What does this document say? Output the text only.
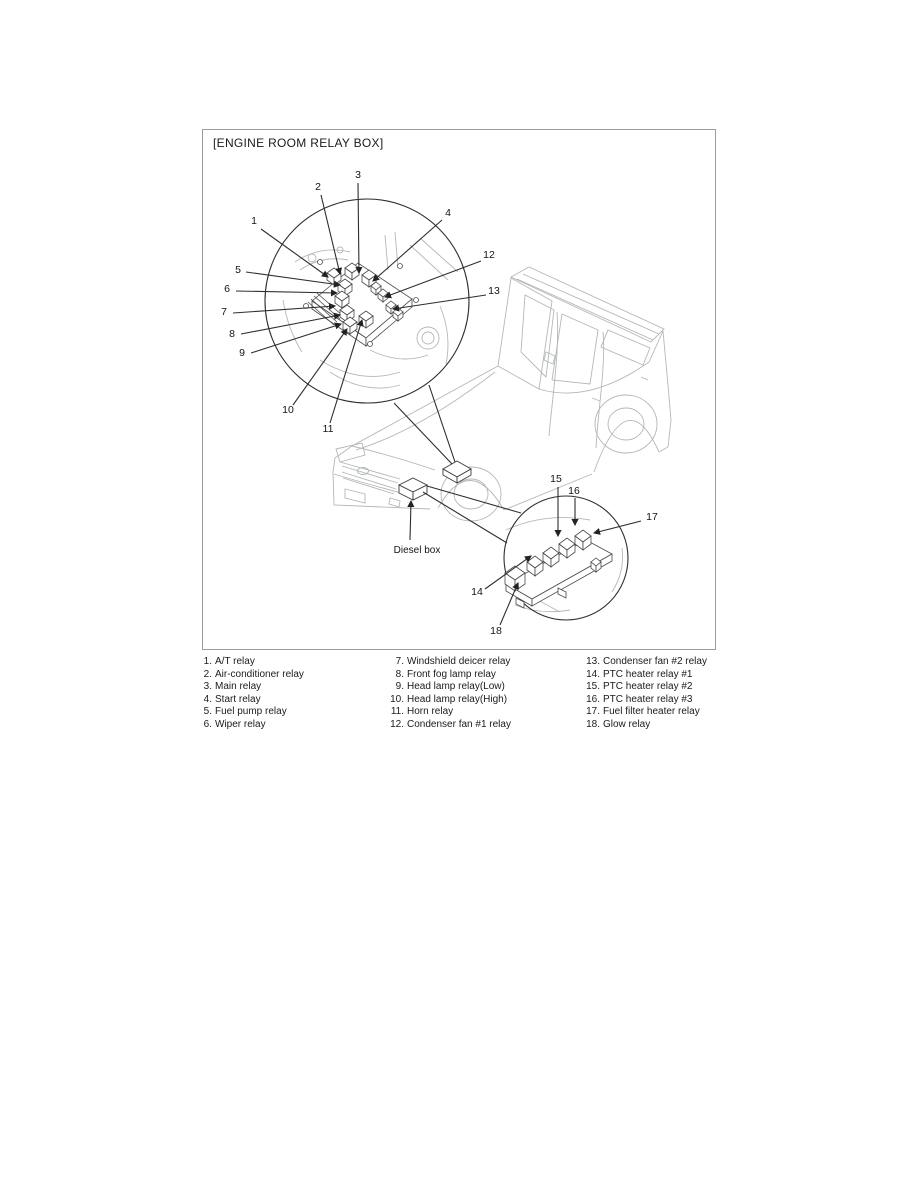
[ENGINE ROOM RELAY BOX]
1
2
3
4
5
6
7
8
9
10
11
12
13
14
15
16
17
18
Diesel box
1. A/T relay
2. Air-conditioner relay
3. Main relay
4. Start relay
5. Fuel pump relay
6. Wiper relay
7. Windshield deicer relay
8. Front fog lamp relay
9. Head lamp relay(Low)
10. Head lamp relay(High)
11. Horn relay
12. Condenser fan #1 relay
13. Condenser fan #2 relay
14. PTC heater relay #1
15. PTC heater relay #2
16. PTC heater relay #3
17. Fuel filter heater relay
18. Glow relay
